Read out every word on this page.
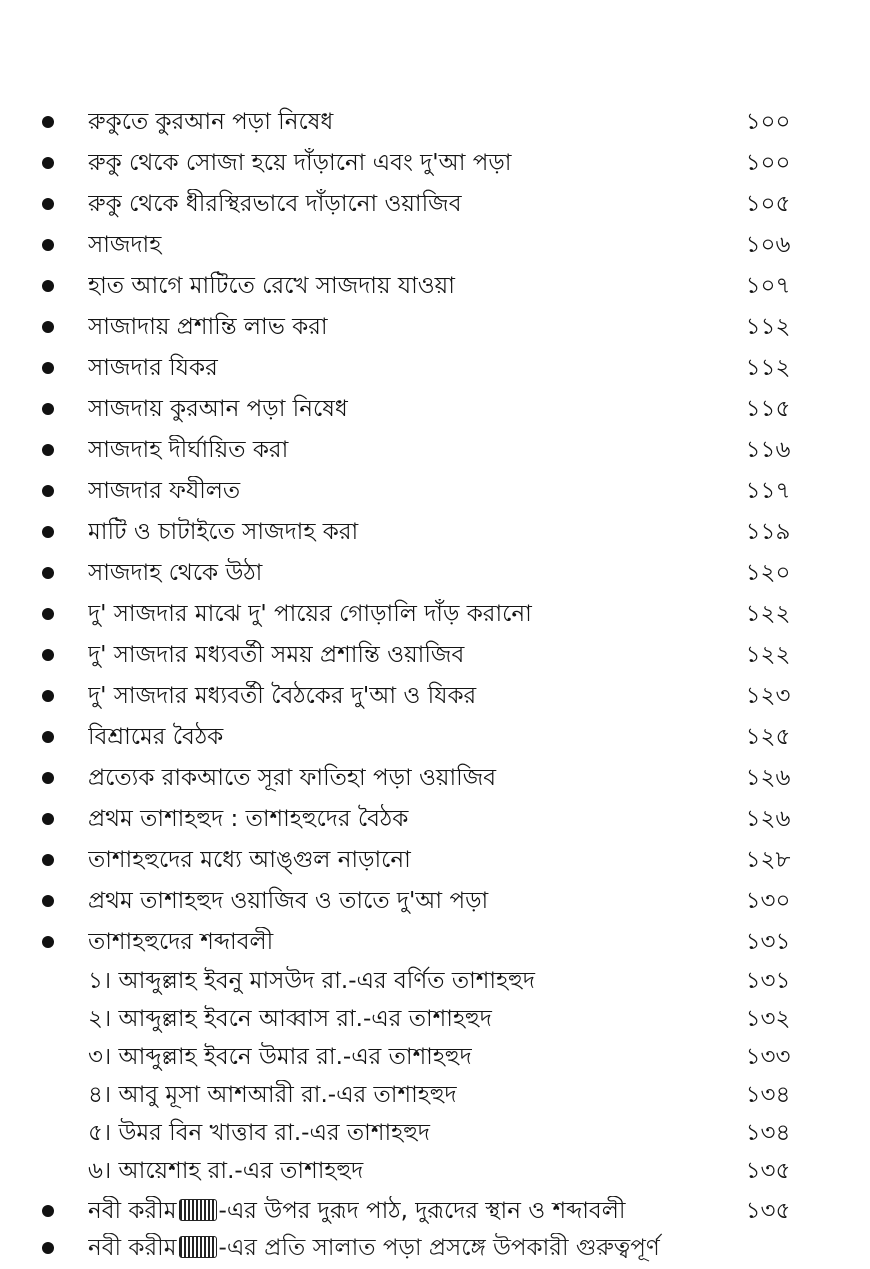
রুকুতে কুরআন পড়া নিষেধ	১০০
রুকু থেকে সোজা হয়ে দাঁড়ানো এবং দু'আ পড়া	১০০
রুকু থেকে ধীরস্থিরভাবে দাঁড়ানো ওয়াজিব	১০৫
সাজদাহ	১০৬
হাত আগে মাটিতে রেখে সাজদায় যাওয়া	১০৭
সাজাদায় প্রশান্তি লাভ করা	১১২
সাজদার যিকর	১১২
সাজদায় কুরআন পড়া নিষেধ	১১৫
সাজদাহ দীর্ঘায়িত করা	১১৬
সাজদার ফযীলত	১১৭
মাটি ও চাটাইতে সাজদাহ করা	১১৯
সাজদাহ থেকে উঠা	১২০
দু' সাজদার মাঝে দু' পায়ের গোড়ালি দাঁড় করানো	১২২
দু' সাজদার মধ্যবর্তী সময় প্রশান্তি ওয়াজিব	১২২
দু' সাজদার মধ্যবর্তী বৈঠকের দু'আ ও যিকর	১২৩
বিশ্রামের বৈঠক	১২৫
প্রত্যেক রাকআতে সূরা ফাতিহা পড়া ওয়াজিব	১২৬
প্রথম তাশাহহুদ : তাশাহহুদের বৈঠক	১২৬
তাশাহহুদের মধ্যে আঙ্গুল নাড়ানো	১২৮
প্রথম তাশাহহুদ ওয়াজিব ও তাতে দু'আ পড়া	১৩০
তাশাহহুদের শব্দাবলী	১৩১
১। আব্দুল্লাহ ইবনু মাসউদ রা.-এর বর্ণিত তাশাহহুদ	১৩১
২। আব্দুল্লাহ ইবনে আব্বাস রা.-এর তাশাহহুদ	১৩২
৩। আব্দুল্লাহ ইবনে উমার রা.-এর তাশাহহুদ	১৩৩
৪। আবু মূসা আশআরী রা.-এর তাশাহহুদ	১৩৪
৫। উমর বিন খাত্তাব রা.-এর তাশাহহুদ	১৩৪
৬। আয়েশাহ রা.-এর তাশাহহুদ	১৩৫
নবী করীম -এর উপর দুরূদ পাঠ, দুরূদের স্থান ও শব্দাবলী	১৩৫
নবী করীম -এর প্রতি সালাত পড়া প্রসঙ্গে উপকারী গুরুত্বপূর্ণ
